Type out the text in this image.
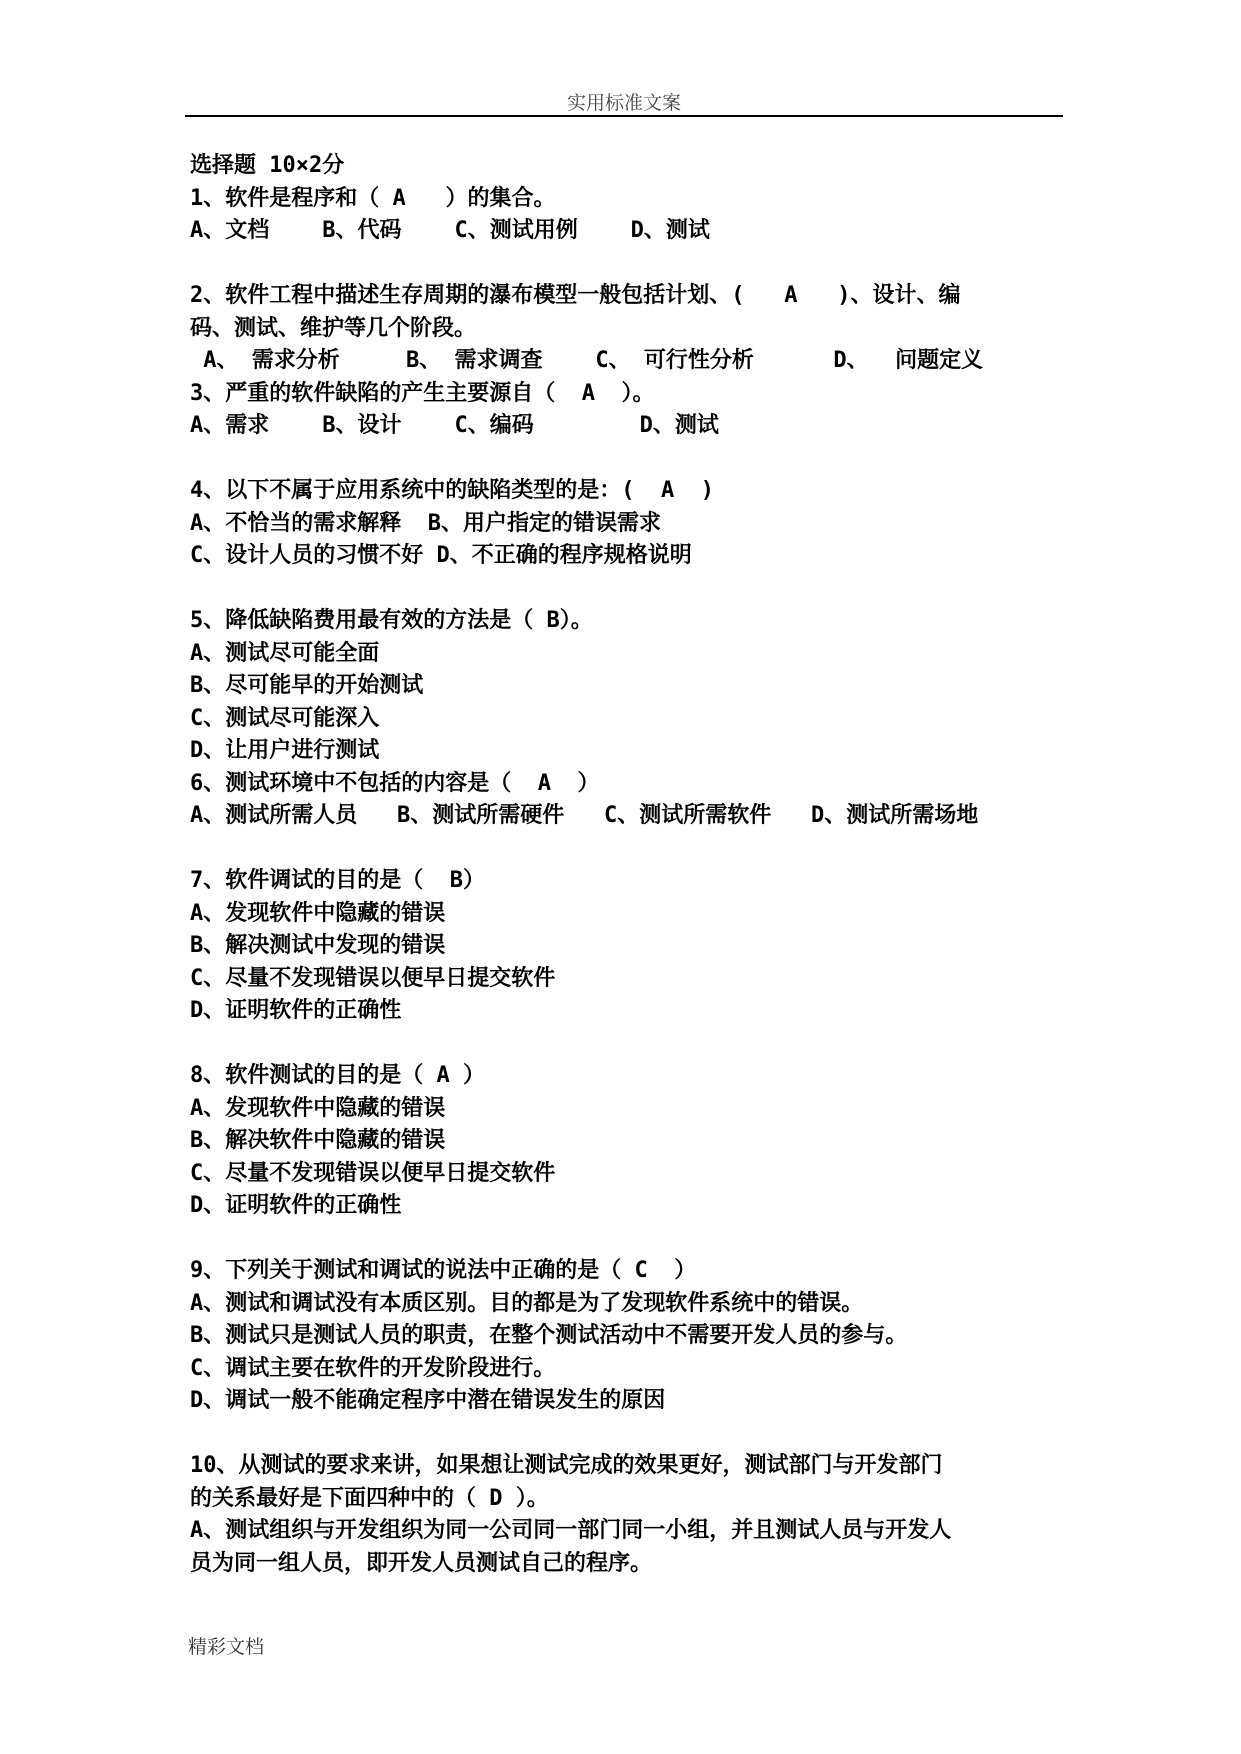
实用标准文案
选择题 10×2分
1、软件是程序和（ A   ）的集合。
A、文档    B、代码    C、测试用例    D、测试
2、软件工程中描述生存周期的瀑布模型一般包括计划、(   A   )、设计、编
码、测试、维护等几个阶段。
A、 需求分析     B、 需求调查    C、 可行性分析      D、  问题定义
3、严重的软件缺陷的产生主要源自（  A  ）。
A、需求    B、设计    C、编码        D、测试
4、以下不属于应用系统中的缺陷类型的是：(  A  )
A、不恰当的需求解释  B、用户指定的错误需求
C、设计人员的习惯不好 D、不正确的程序规格说明
5、降低缺陷费用最有效的方法是（ B）。
A、测试尽可能全面
B、尽可能早的开始测试
C、测试尽可能深入
D、让用户进行测试
6、测试环境中不包括的内容是（  A  ）
A、测试所需人员   B、测试所需硬件   C、测试所需软件   D、测试所需场地
7、软件调试的目的是（  B）
A、发现软件中隐藏的错误
B、解决测试中发现的错误
C、尽量不发现错误以便早日提交软件
D、证明软件的正确性
8、软件测试的目的是（ A ）
A、发现软件中隐藏的错误
B、解决软件中隐藏的错误
C、尽量不发现错误以便早日提交软件
D、证明软件的正确性
9、下列关于测试和调试的说法中正确的是（ C  ）
A、测试和调试没有本质区别。目的都是为了发现软件系统中的错误。
B、测试只是测试人员的职责，在整个测试活动中不需要开发人员的参与。
C、调试主要在软件的开发阶段进行。
D、调试一般不能确定程序中潜在错误发生的原因
10、从测试的要求来讲，如果想让测试完成的效果更好，测试部门与开发部门
的关系最好是下面四种中的（ D ）。
A、测试组织与开发组织为同一公司同一部门同一小组，并且测试人员与开发人
员为同一组人员，即开发人员测试自己的程序。
精彩文档
